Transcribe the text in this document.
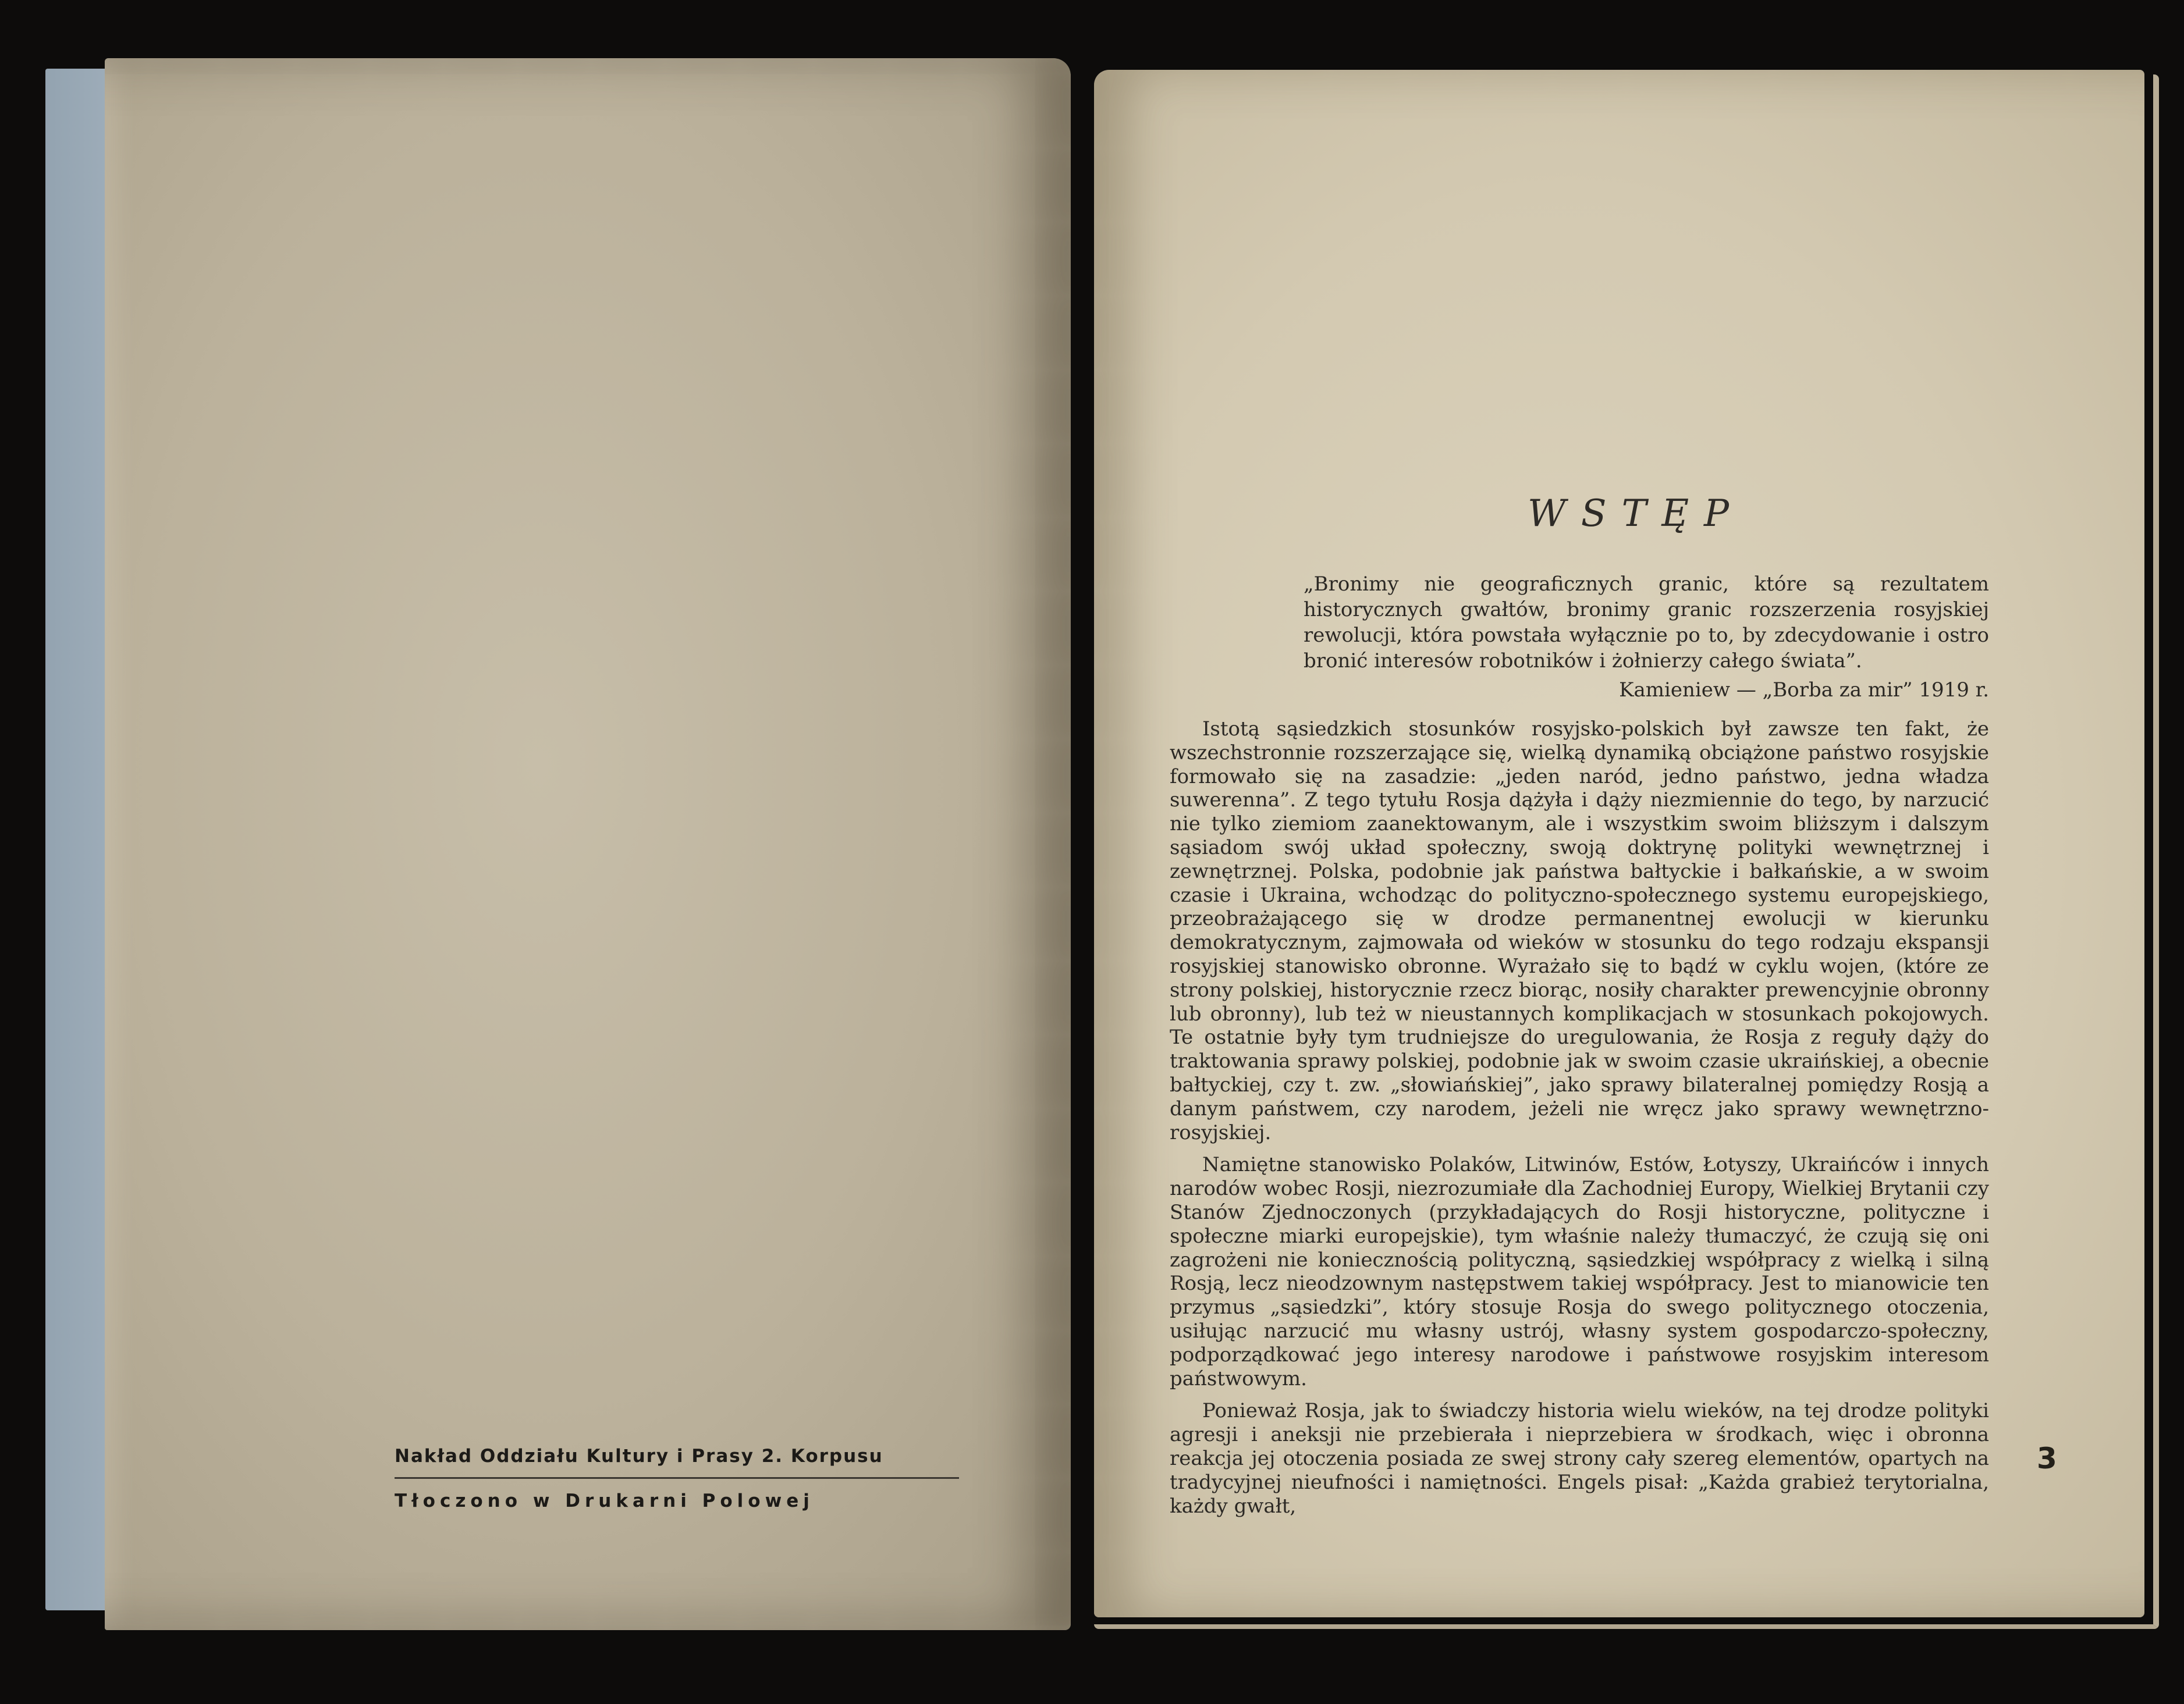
Nakład Oddziału Kultury i Prasy 2. Korpusu
Tłoczono w Drukarni Polowej
WSTĘP

„Bronimy nie geograficznych granic, które są rezultatem historycznych gwałtów, bronimy granic rozszerzenia rosyjskiej rewolucji, która powstała wyłącznie po to, by zdecydowanie i ostro bronić interesów robotników i żołnierzy całego świata”.

Kamieniew — „Borba za mir” 1919 r.

Istotą sąsiedzkich stosunków rosyjsko-polskich był zawsze ten fakt, że wszechstronnie rozszerzające się, wielką dynamiką obciążone państwo rosyjskie formowało się na zasadzie: „jeden naród, jedno państwo, jedna władza suwerenna”. Z tego tytułu Rosja dążyła i dąży niezmiennie do tego, by narzucić nie tylko ziemiom zaanektowanym, ale i wszystkim swoim bliższym i dalszym sąsiadom swój układ społeczny, swoją doktrynę polityki wewnętrznej i zewnętrznej. Polska, podobnie jak państwa bałtyckie i bałkańskie, a w swoim czasie i Ukraina, wchodząc do polityczno-społecznego systemu europejskiego, przeobrażającego się w drodze permanentnej ewolucji w kierunku demokratycznym, zajmowała od wieków w stosunku do tego rodzaju ekspansji rosyjskiej stanowisko obronne. Wyrażało się to bądź w cyklu wojen, (które ze strony polskiej, historycznie rzecz biorąc, nosiły charakter prewencyjnie obronny lub obronny), lub też w nieustannych komplikacjach w stosunkach pokojowych. Te ostatnie były tym trudniejsze do uregulowania, że Rosja z reguły dąży do traktowania sprawy polskiej, podobnie jak w swoim czasie ukraińskiej, a obecnie bałtyckiej, czy t. zw. „słowiańskiej”, jako sprawy bilateralnej pomiędzy Rosją a danym państwem, czy narodem, jeżeli nie wręcz jako sprawy wewnętrzno-rosyjskiej.

Namiętne stanowisko Polaków, Litwinów, Estów, Łotyszy, Ukraińców i innych narodów wobec Rosji, niezrozumiałe dla Zachodniej Europy, Wielkiej Brytanii czy Stanów Zjednoczonych (przykładających do Rosji historyczne, polityczne i społeczne miarki europejskie), tym właśnie należy tłumaczyć, że czują się oni zagrożeni nie koniecznością polityczną, sąsiedzkiej współpracy z wielką i silną Rosją, lecz nieodzownym następstwem takiej współpracy. Jest to mianowicie ten przymus „sąsiedzki”, który stosuje Rosja do swego politycznego otoczenia, usiłując narzucić mu własny ustrój, własny system gospodarczo-społeczny, podporządkować jego interesy narodowe i państwowe rosyjskim interesom państwowym.

Ponieważ Rosja, jak to świadczy historia wielu wieków, na tej drodze polityki agresji i aneksji nie przebierała i nieprzebiera w środkach, więc i obronna reakcja jej otoczenia posiada ze swej strony cały szereg elementów, opartych na tradycyjnej nieufności i namiętności. Engels pisał: „Każda grabież terytorialna, każdy gwałt,

3
